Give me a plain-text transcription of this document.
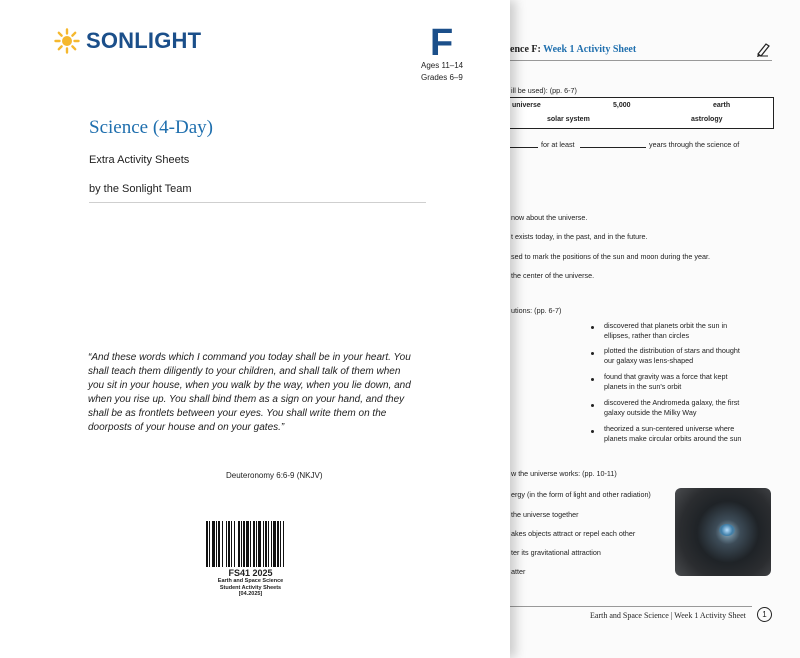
ence F: Week 1 Activity Sheet
ill be used): (pp. 6-7)
universe	5,000	earth
solar system	astrology
for at least	years through the science of
now about the universe.
t exists today, in the past, and in the future.
sed to mark the positions of the sun and moon during the year.
the center of the universe.
utions: (pp. 6-7)
discovered that planets orbit the sun in
ellipses, rather than circles
plotted the distribution of stars and thought
our galaxy was lens-shaped
found that gravity was a force that kept
planets in the sun's orbit
discovered the Andromeda galaxy, the first
galaxy outside the Milky Way
theorized a sun-centered universe where
planets make circular orbits around the sun
w the universe works: (pp. 10-11)
ergy (in the form of light and other radiation)
the universe together
akes objects attract or repel each other
ter its gravitational attraction
atter
Earth and Space Science | Week 1 Activity Sheet	1
SONLIGHT	F
Ages 11–14
Grades 6–9
Science (4-Day)
Extra Activity Sheets
by the Sonlight Team
“And these words which I command you today shall be in your heart. You shall teach them diligently to your children, and shall talk of them when you sit in your house, when you walk by the way, when you lie down, and when you rise up. You shall bind them as a sign on your hand, and they shall be as frontlets between your eyes. You shall write them on the doorposts of your house and on your gates.”
Deuteronomy 6:6-9 (NKJV)
FS41 2025
Earth and Space Science
Student Activity Sheets
[04.2025]
